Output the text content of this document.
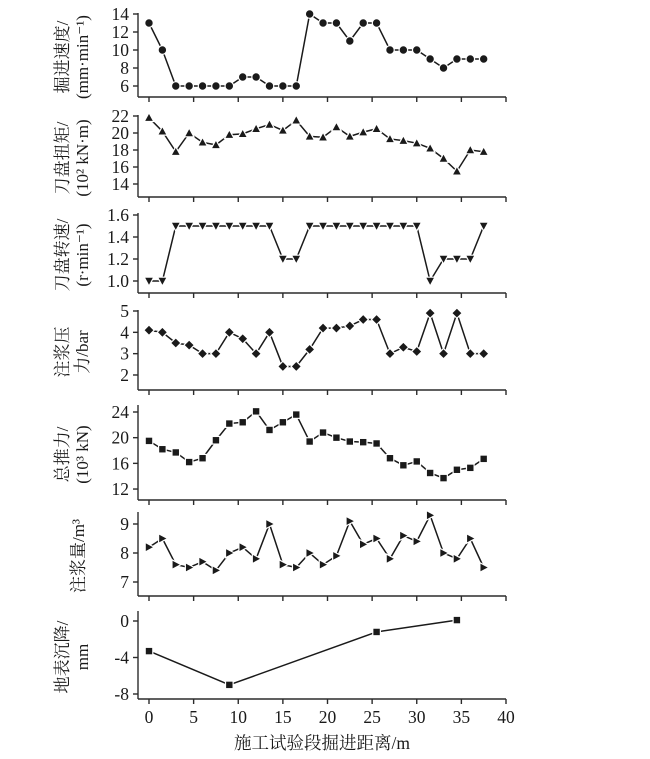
6
8
10
12
14
掘进速度/ (mm·min⁻¹)
14
16
18
20
22
刀盘扭矩/ (10² kN·m)
1.0
1.2
1.4
1.6
刀盘转速/ (r·min⁻¹)
2
3
4
5
注浆压 力/bar
12
16
20
24
总推力/ (10³ kN)
7
8
9
注浆量/m³
0
-4
-8
地表沉降/ mm
0 5 10 15 20 25 30 35 40
施工试验段掘进距离/m
